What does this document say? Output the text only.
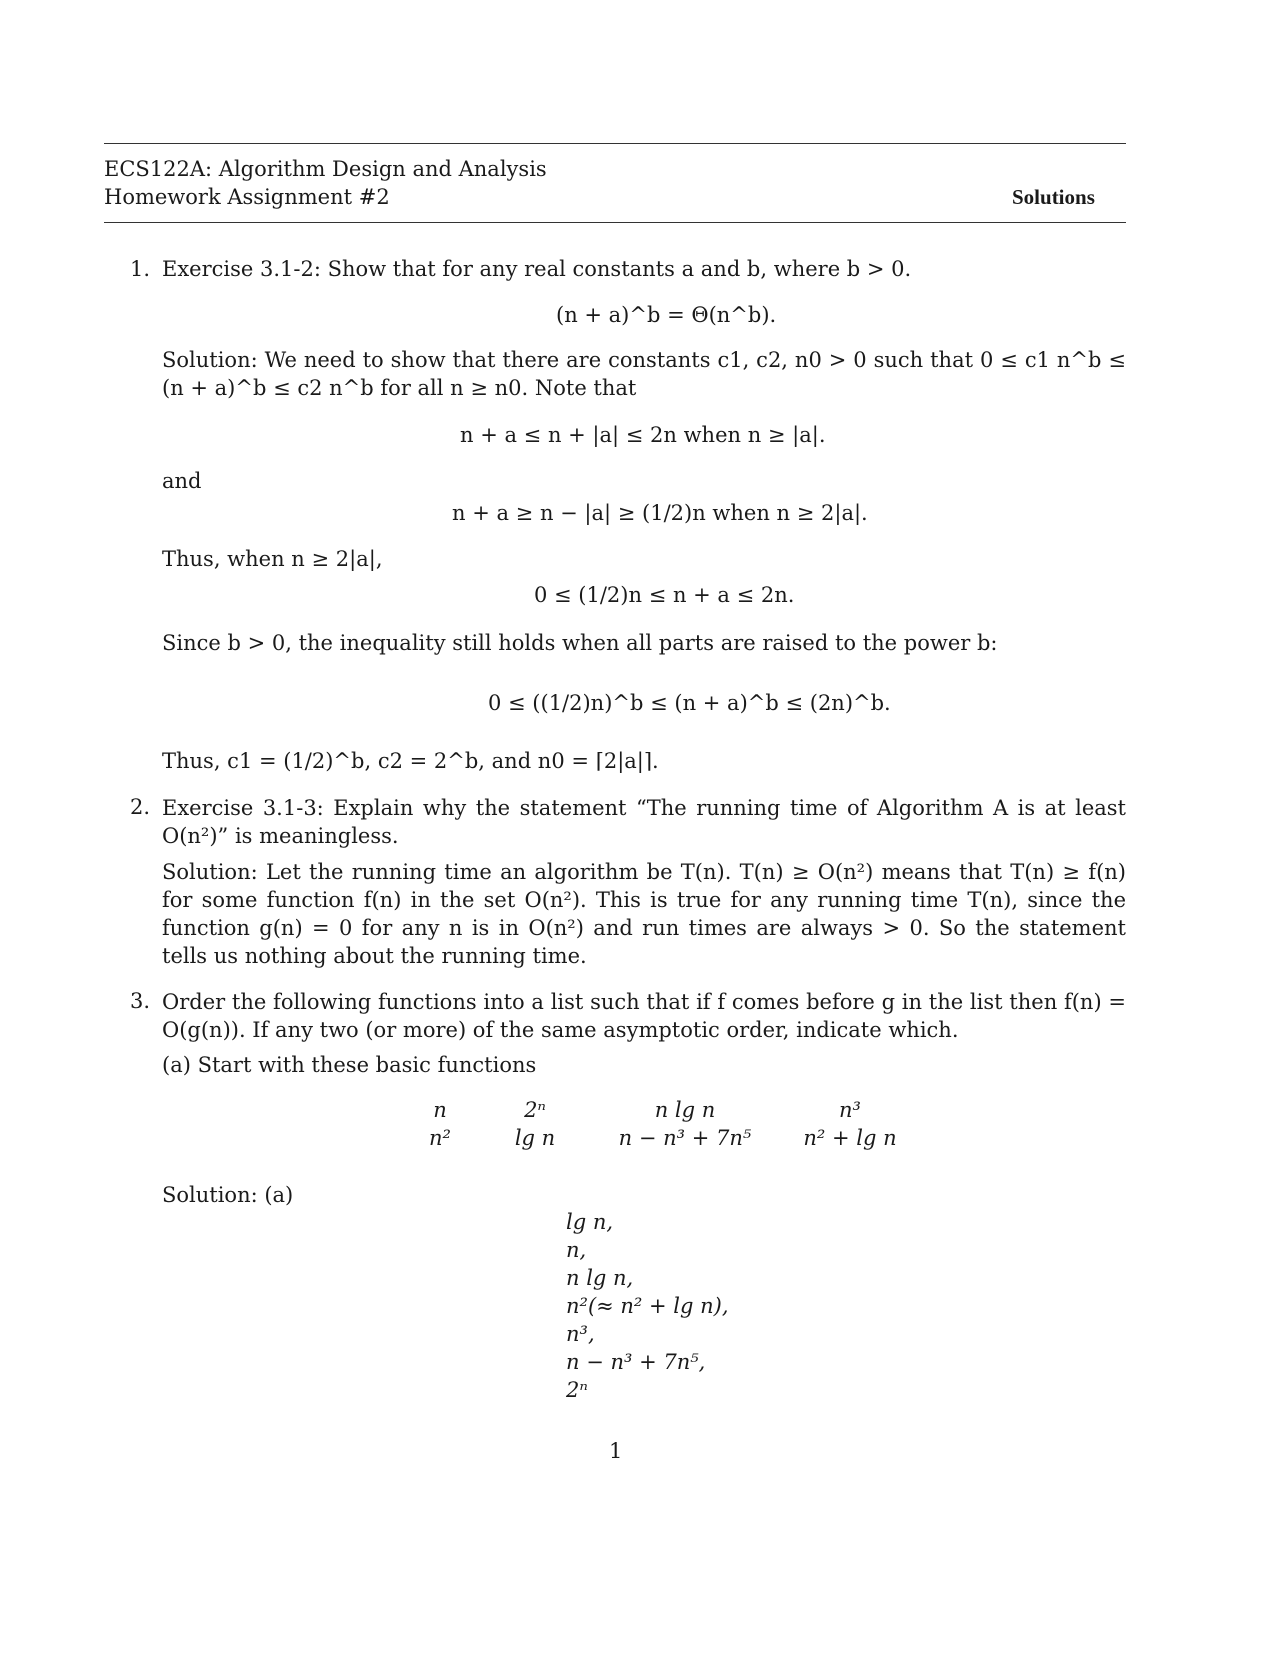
ECS122A: Algorithm Design and Analysis
Homework Assignment #2	Solutions
1. Exercise 3.1-2: Show that for any real constants a and b, where b > 0.
(n + a)^b = Θ(n^b).
Solution: We need to show that there are constants c1, c2, n0 > 0 such that 0 ≤ c1 n^b ≤ (n + a)^b ≤ c2 n^b for all n ≥ n0. Note that
n + a ≤ n + |a| ≤ 2n when n ≥ |a|.
and
n + a ≥ n − |a| ≥ (1/2)n when n ≥ 2|a|.
Thus, when n ≥ 2|a|,
0 ≤ (1/2)n ≤ n + a ≤ 2n.
Since b > 0, the inequality still holds when all parts are raised to the power b:
0 ≤ ((1/2)n)^b ≤ (n + a)^b ≤ (2n)^b.
Thus, c1 = (1/2)^b, c2 = 2^b, and n0 = ⌈2|a|⌉.
2. Exercise 3.1-3: Explain why the statement “The running time of Algorithm A is at least O(n²)” is meaningless.
Solution: Let the running time an algorithm be T(n). T(n) ≥ O(n²) means that T(n) ≥ f(n) for some function f(n) in the set O(n²). This is true for any running time T(n), since the function g(n) = 0 for any n is in O(n²) and run times are always > 0. So the statement tells us nothing about the running time.
3. Order the following functions into a list such that if f comes before g in the list then f(n) = O(g(n)). If any two (or more) of the same asymptotic order, indicate which.
(a) Start with these basic functions
n	2ⁿ	n lg n	n³
n²	lg n	n − n³ + 7n⁵	n² + lg n
Solution: (a)
lg n,
n,
n lg n,
n²(≈ n² + lg n),
n³,
n − n³ + 7n⁵,
2ⁿ
1
